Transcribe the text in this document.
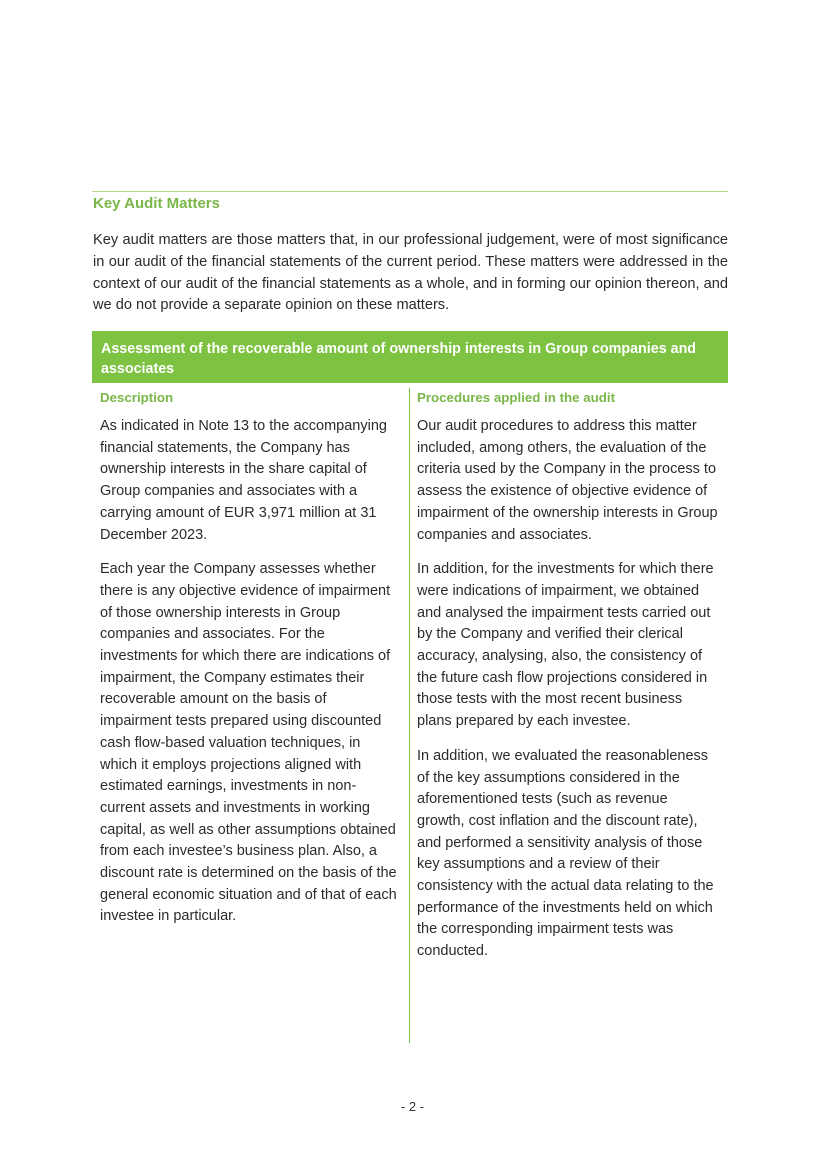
Key Audit Matters
Key audit matters are those matters that, in our professional judgement, were of most significance in our audit of the financial statements of the current period. These matters were addressed in the context of our audit of the financial statements as a whole, and in forming our opinion thereon, and we do not provide a separate opinion on these matters.
Assessment of the recoverable amount of ownership interests in Group companies and associates
Description	Procedures applied in the audit

As indicated in Note 13 to the accompanying financial statements, the Company has ownership interests in the share capital of Group companies and associates with a carrying amount of EUR 3,971 million at 31 December 2023.

Each year the Company assesses whether there is any objective evidence of impairment of those ownership interests in Group companies and associates. For the investments for which there are indications of impairment, the Company estimates their recoverable amount on the basis of impairment tests prepared using discounted cash flow-based valuation techniques, in which it employs projections aligned with estimated earnings, investments in non-current assets and investments in working capital, as well as other assumptions obtained from each investee’s business plan. Also, a discount rate is determined on the basis of the general economic situation and of that of each investee in particular.

Our audit procedures to address this matter included, among others, the evaluation of the criteria used by the Company in the process to assess the existence of objective evidence of impairment of the ownership interests in Group companies and associates.

In addition, for the investments for which there were indications of impairment, we obtained and analysed the impairment tests carried out by the Company and verified their clerical accuracy, analysing, also, the consistency of the future cash flow projections considered in those tests with the most recent business plans prepared by each investee.

In addition, we evaluated the reasonableness of the key assumptions considered in the aforementioned tests (such as revenue growth, cost inflation and the discount rate), and performed a sensitivity analysis of those key assumptions and a review of their consistency with the actual data relating to the performance of the investments held on which the corresponding impairment tests was conducted.

- 2 -
